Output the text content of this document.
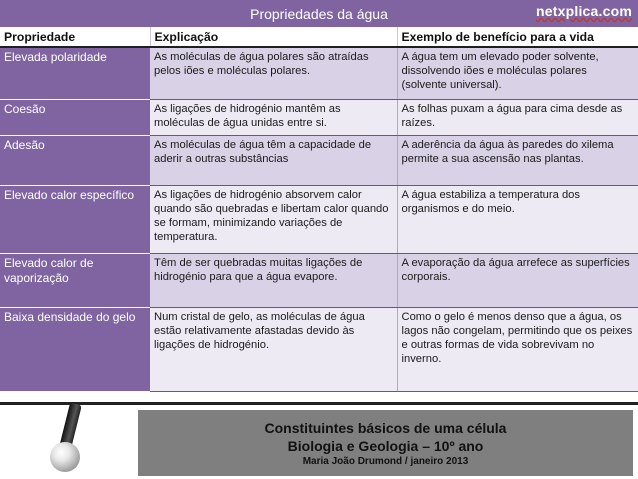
Propriedades da água	netxplica.com
Propriedade	Explicação	Exemplo de benefício para a vida
Elevada polaridade	As moléculas de água polares são atraídas pelos iões e moléculas polares.	A água tem um elevado poder solvente, dissolvendo iões e moléculas polares (solvente universal).
Coesão	As ligações de hidrogénio mantêm as moléculas de água unidas entre si.	As folhas puxam a água para cima desde as raízes.
Adesão	As moléculas de água têm a capacidade de aderir a outras substâncias	A aderência da água às paredes do xilema permite a sua ascensão nas plantas.
Elevado calor específico	As ligações de hidrogénio absorvem calor quando são quebradas e libertam calor quando se formam, minimizando variações de temperatura.	A água estabiliza a temperatura dos organismos e do meio.
Elevado calor de vaporização	Têm de ser quebradas muitas ligações de hidrogénio para que a água evapore.	A evaporação da água arrefece as superfícies corporais.
Baixa densidade do gelo	Num cristal de gelo, as moléculas de água estão relativamente afastadas devido às ligações de hidrogénio.	Como o gelo é menos denso que a água, os lagos não congelam, permitindo que os peixes e outras formas de vida sobrevivam no inverno.
Constituintes básicos de uma célula
Biologia e Geologia – 10º ano
Maria João Drumond / janeiro 2013
